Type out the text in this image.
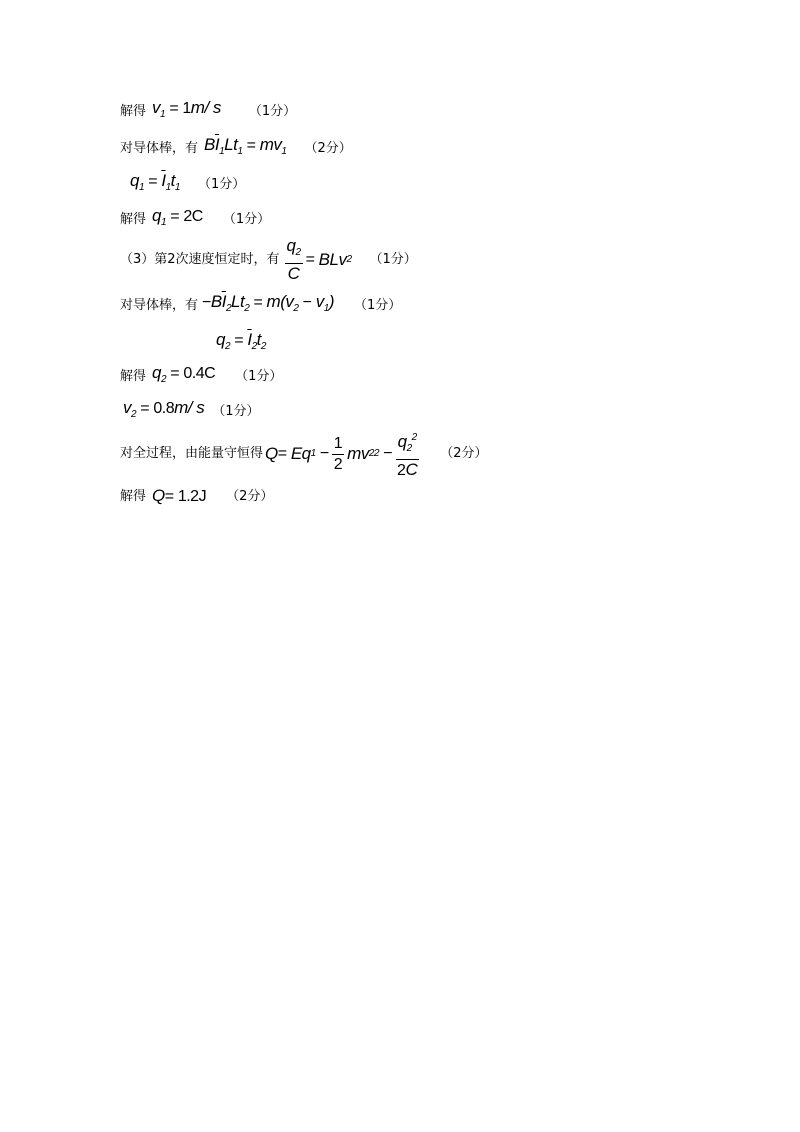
解得 $v_1 = 1m/$ s （1分）
对导体棒，有 $B\overline{I}_1Lt_1 = mv_1$ （2分）
$q_1 = \overline{I}_1t_1$ （1分）
解得 $q_1 = 2C$ （1分）
（3）第2次速度恒定时，有 $\frac{q_2}{C}$ = BLv 2 （1分）
对导体棒，有 $-B\overline{I}_2Lt_2 = m(v_2 - v_1)$ （1分）
$q_2 = \overline{I}_2t_2$
解得 $q_2 = 0.4C$ （1分）
$v_2 = 0.8m/$ s （1分）
对全过程，由能量守恒得 Q = Eq 1
− $\frac{1}{2}$ mv 2 2
− $\frac{q_2^2}{2C} (2$分）
解得 Q= 1.2J （2分）
